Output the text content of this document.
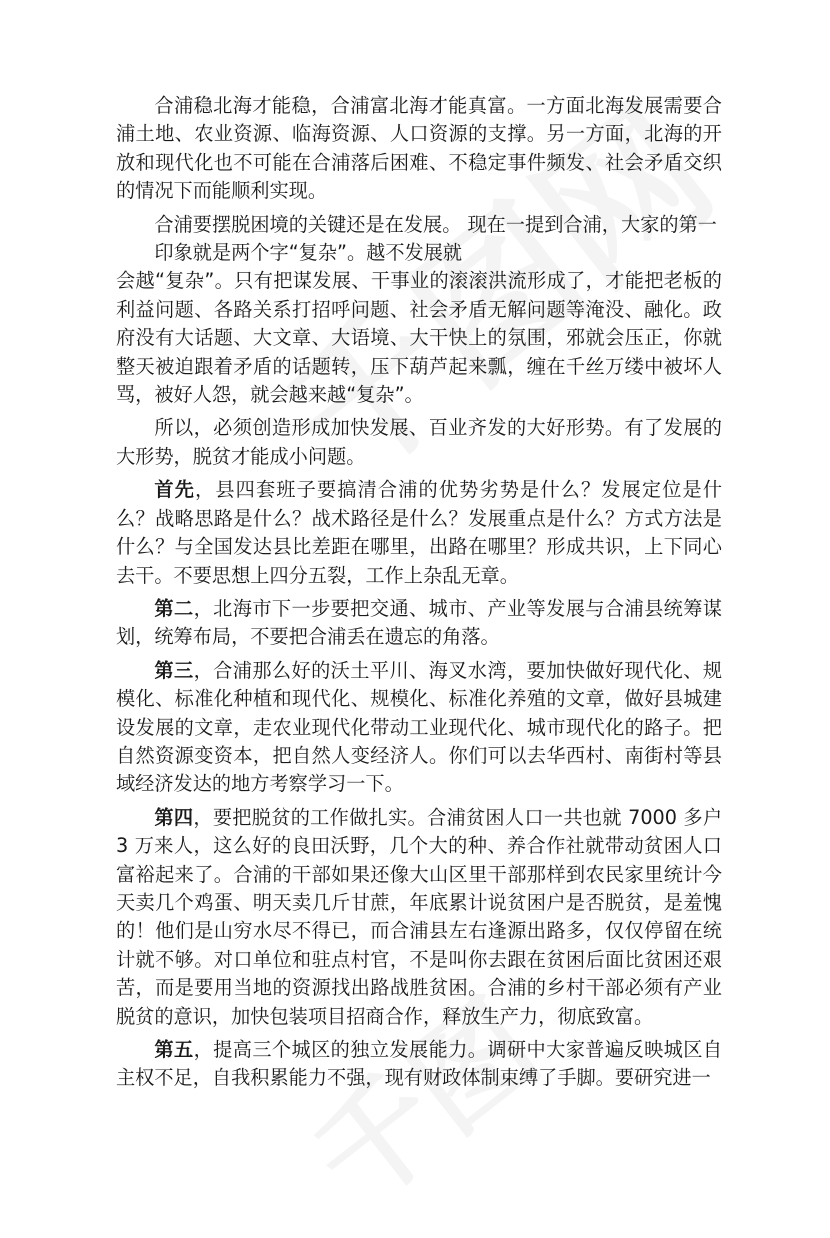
合浦稳北海才能稳，合浦富北海才能真富。一方面北海发展需要合浦土地、农业资源、临海资源、人口资源的支撑。另一方面，北海的开放和现代化也不可能在合浦落后困难、不稳定事件频发、社会矛盾交织的情况下而能顺利实现。

合浦要摆脱困境的关键还是在发展。 现在一提到合浦，大家的第一
印象就是两个字“复杂”。越不发展就

会越“复杂”。只有把谋发展、干事业的滚滚洪流形成了，才能把老板的利益问题、各路关系打招呼问题、社会矛盾无解问题等淹没、融化。政府没有大话题、大文章、大语境、大干快上的氛围，邪就会压正，你就整天被迫跟着矛盾的话题转，压下葫芦起来瓢，缠在千丝万缕中被坏人骂，被好人怨，就会越来越“复杂”。

所以，必须创造形成加快发展、百业齐发的大好形势。有了发展的大形势，脱贫才能成小问题。

首先，县四套班子要搞清合浦的优势劣势是什么？发展定位是什么？战略思路是什么？战术路径是什么？发展重点是什么？方式方法是什么？与全国发达县比差距在哪里，出路在哪里？形成共识，上下同心去干。不要思想上四分五裂，工作上杂乱无章。

第二，北海市下一步要把交通、城市、产业等发展与合浦县统筹谋划，统筹布局，不要把合浦丢在遗忘的角落。

第三，合浦那么好的沃土平川、海叉水湾，要加快做好现代化、规模化、标准化种植和现代化、规模化、标准化养殖的文章，做好县城建设发展的文章，走农业现代化带动工业现代化、城市现代化的路子。把自然资源变资本，把自然人变经济人。你们可以去华西村、南街村等县域经济发达的地方考察学习一下。

第四，要把脱贫的工作做扎实。合浦贫困人口一共也就 7000 多户 3 万来人，这么好的良田沃野，几个大的种、养合作社就带动贫困人口富裕起来了。合浦的干部如果还像大山区里干部那样到农民家里统计今天卖几个鸡蛋、明天卖几斤甘蔗，年底累计说贫困户是否脱贫，是羞愧 的！他们是山穷水尽不得已，而合浦县左右逢源出路多，仅仅停留在统 计就不够。对口单位和驻点村官，不是叫你去跟在贫困后面比贫困还艰 苦，而是要用当地的资源找出路战胜贫困。合浦的乡村干部必须有产业 脱贫的意识，加快包装项目招商合作，释放生产力，彻底致富。

第五，提高三个城区的独立发展能力。调研中大家普遍反映城区自主权不足，自我积累能力不强，现有财政体制束缚了手脚。要研究进一
